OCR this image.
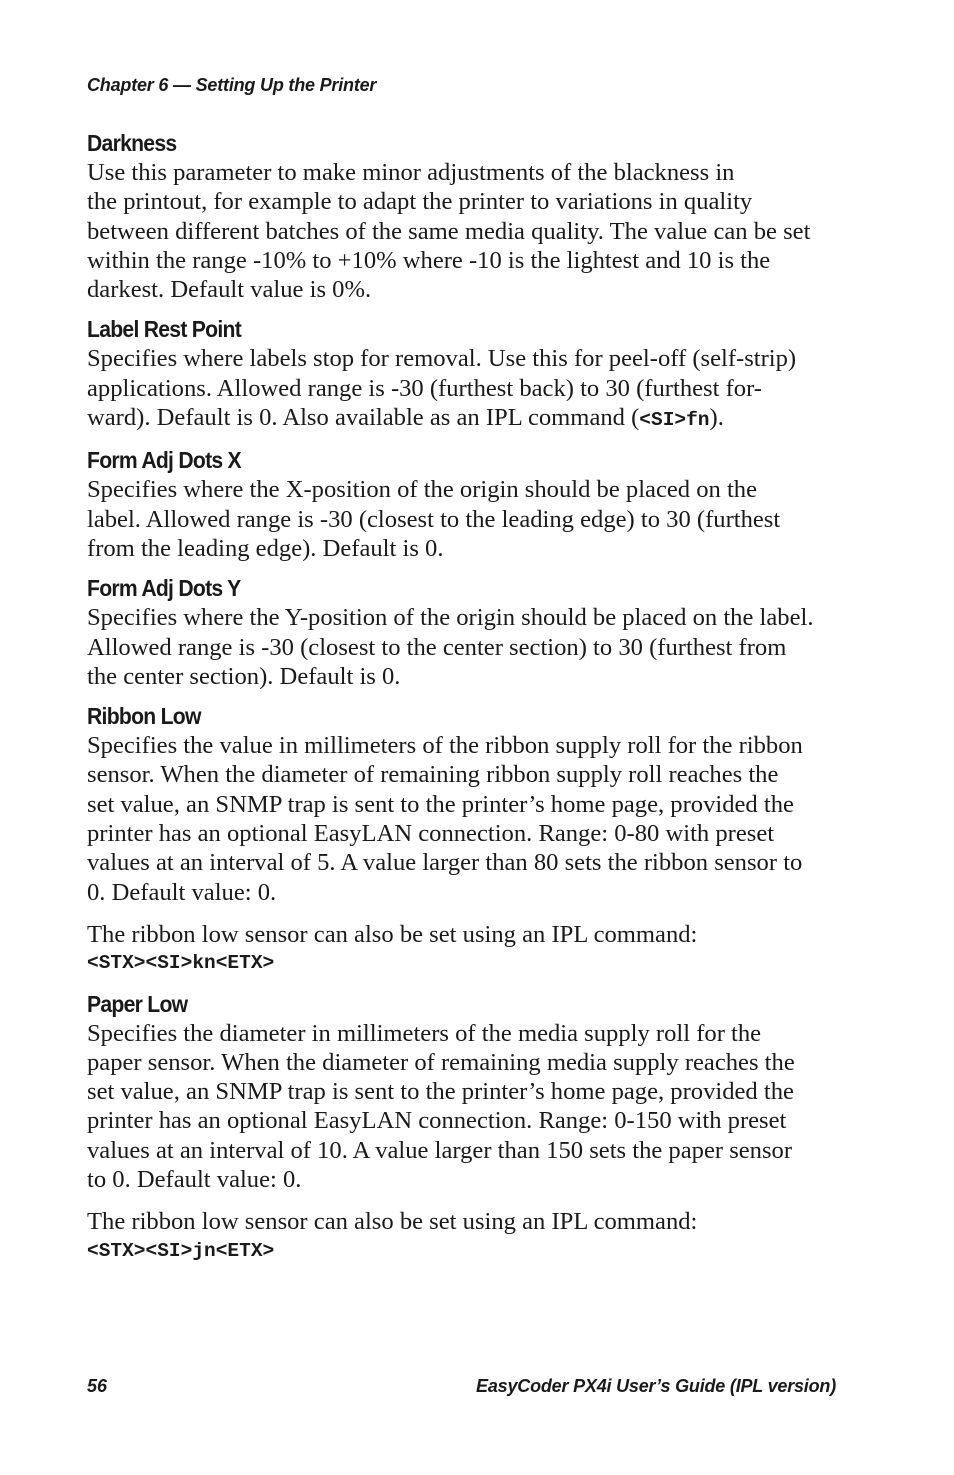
Chapter 6 — Setting Up the Printer
Darkness

Use this parameter to make minor adjustments of the blackness in
the printout, for example to adapt the printer to variations in quality
between different batches of the same media quality. The value can be set
within the range -10% to +10% where -10 is the lightest and 10 is the
darkest. Default value is 0%.

Label Rest Point

Specifies where labels stop for removal. Use this for peel-off (self-strip)
applications. Allowed range is -30 (furthest back) to 30 (furthest for-
ward). Default is 0. Also available as an IPL command (<SI>fn).

Form Adj Dots X

Specifies where the X-position of the origin should be placed on the
label. Allowed range is -30 (closest to the leading edge) to 30 (furthest
from the leading edge). Default is 0.

Form Adj Dots Y

Specifies where the Y-position of the origin should be placed on the label.
Allowed range is -30 (closest to the center section) to 30 (furthest from
the center section). Default is 0.

Ribbon Low

Specifies the value in millimeters of the ribbon supply roll for the ribbon
sensor. When the diameter of remaining ribbon supply roll reaches the
set value, an SNMP trap is sent to the printer’s home page, provided the
printer has an optional EasyLAN connection. Range: 0-80 with preset
values at an interval of 5. A value larger than 80 sets the ribbon sensor to
0. Default value: 0.

The ribbon low sensor can also be set using an IPL command:
<STX><SI>kn<ETX>

Paper Low

Specifies the diameter in millimeters of the media supply roll for the
paper sensor. When the diameter of remaining media supply reaches the
set value, an SNMP trap is sent to the printer’s home page, provided the
printer has an optional EasyLAN connection. Range: 0-150 with preset
values at an interval of 10. A value larger than 150 sets the paper sensor
to 0. Default value: 0.

The ribbon low sensor can also be set using an IPL command:
<STX><SI>jn<ETX>

56	EasyCoder PX4i User’s Guide (IPL version)
